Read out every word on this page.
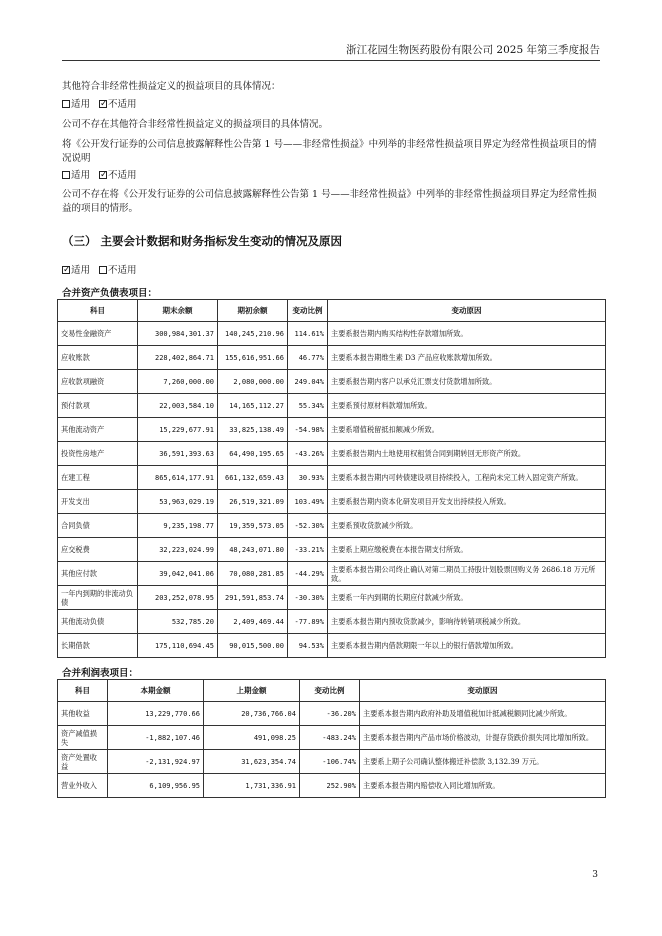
浙江花园生物医药股份有限公司 2025 年第三季度报告

其他符合非经常性损益定义的损益项目的具体情况：

适用 ✓ 不适用

公司不存在其他符合非经常性损益定义的损益项目的具体情况。

将《公开发行证券的公司信息披露解释性公告第 1 号——非经常性损益》中列举的非经常性损益项目界定为经常性损益项目的情况说明

适用 ✓ 不适用

公司不存在将《公开发行证券的公司信息披露解释性公告第 1 号——非经常性损益》中列举的非经常性损益项目界定为经常性损益的项目的情形。

（三） 主要会计数据和财务指标发生变动的情况及原因
✓适用 不适用

合并资产负债表项目：

科目	期末余额	期初余额	变动比例	变动原因
交易性金融资产	300,984,301.37	140,245,210.96	114.61%	主要系报告期内购买结构性存款增加所致。
应收账款	228,402,864.71	155,616,951.66	46.77%	主要系本报告期维生素 D3 产品应收账款增加所致。
应收款项融资	7,260,000.00	2,080,000.00	249.04%	主要系报告期内客户以承兑汇票支付货款增加所致。
预付款项	22,003,584.10	14,165,112.27	55.34%	主要系预付原材料款增加所致。
其他流动资产	15,229,677.91	33,825,138.49	-54.98%	主要系增值税留抵扣额减少所致。
投资性房地产	36,591,393.63	64,490,195.65	-43.26%	主要系报告期内土地使用权租赁合同到期转回无形资产所致。
在建工程	865,614,177.91	661,132,659.43	30.93%	主要系本报告期内可转债建设项目持续投入，工程尚未完工转入固定资产所致。
开发支出	53,963,029.19	26,519,321.09	103.49%	主要系报告期内资本化研发项目开发支出持续投入所致。
合同负债	9,235,198.77	19,359,573.05	-52.30%	主要系预收货款减少所致。
应交税费	32,223,024.99	48,243,071.80	-33.21%	主要系上期应缴税费在本报告期支付所致。
其他应付款	39,042,041.06	70,080,281.85	-44.29%	主要系本报告期公司终止确认对第二期员工持股计划股票回购义务 2686.18 万元所致。
一年内到期的非流动负债	203,252,078.95	291,591,853.74	-30.30%	主要系一年内到期的长期应付款减少所致。
其他流动负债	532,785.20	2,409,469.44	-77.89%	主要系本报告期内预收货款减少，影响待转销项税减少所致。
长期借款	175,110,694.45	90,015,500.00	94.53%	主要系本报告期内借款期限一年以上的银行借款增加所致。

合并利润表项目：

科目	本期金额	上期金额	变动比例	变动原因
其他收益	13,229,770.66	20,736,766.04	-36.20%	主要系本报告期内政府补助及增值税加计抵减税额同比减少所致。
资产减值损失	-1,882,107.46	491,098.25	-483.24%	主要系本报告期内产品市场价格波动，计提存货跌价损失同比增加所致。
资产处置收益	-2,131,924.97	31,623,354.74	-106.74%	主要系上期子公司确认整体搬迁补偿款 3,132.39 万元。
营业外收入	6,109,956.95	1,731,336.91	252.90%	主要系本报告期内赔偿收入同比增加所致。
3
